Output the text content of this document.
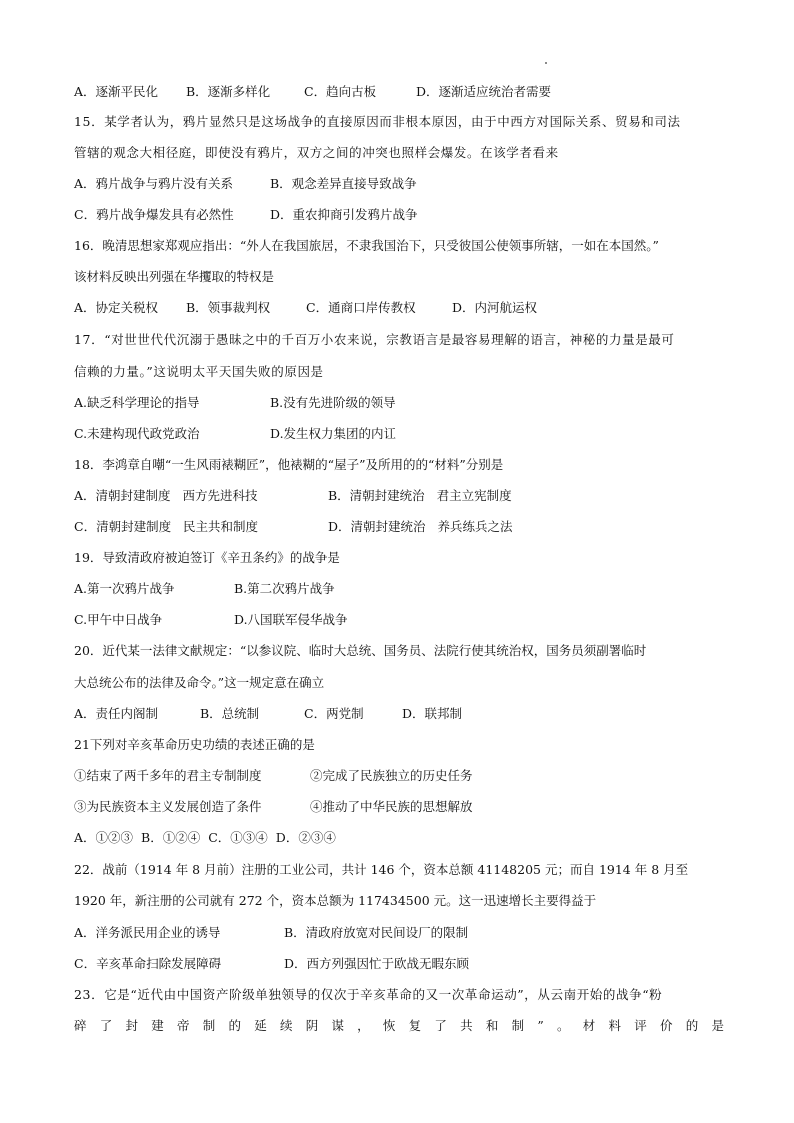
A．逐渐平民化 B．逐渐多样化	C．趋向古板	D．逐渐适应统治者需要
15．某学者认为，鸦片显然只是这场战争的直接原因而非根本原因，由于中西方对国际关系、贸易和司法
管辖的观念大相径庭，即使没有鸦片，双方之间的冲突也照样会爆发。在该学者看来
A．鸦片战争与鸦片没有关系	B．观念差异直接导致战争
C．鸦片战争爆发具有必然性	D．重农抑商引发鸦片战争
16．晚清思想家郑观应指出：“外人在我国旅居，不隶我国治下，只受彼国公使领事所辖，一如在本国然。”
该材料反映出列强在华攫取的特权是
A．协定关税权 B．领事裁判权	C．通商口岸传教权	D．内河航运权
17．“对世世代代沉溺于愚昧之中的千百万小农来说，宗教语言是最容易理解的语言，神秘的力量是最可
信赖的力量。”这说明太平天国失败的原因是
A.缺乏科学理论的指导	B.没有先进阶级的领导
C.未建构现代政党政治	D.发生权力集团的内讧
18．李鸿章自嘲“一生风雨裱糊匠”，他裱糊的“屋子”及所用的的“材料”分别是
A．清朝封建制度 西方先进科技	B．清朝封建统治 君主立宪制度
C．清朝封建制度 民主共和制度	D．清朝封建统治 养兵练兵之法
19．导致清政府被迫签订《辛丑条约》的战争是
A.第一次鸦片战争	B.第二次鸦片战争
C.甲午中日战争	D.八国联军侵华战争
20．近代某一法律文献规定：“以参议院、临时大总统、国务员、法院行使其统治权，国务员须副署临时
大总统公布的法律及命令。”这一规定意在确立
A．责任内阁制	B．总统制	C．两党制	D．联邦制
21下列对辛亥革命历史功绩的表述正确的是
①结束了两千多年的君主专制制度	②完成了民族独立的历史任务
③为民族资本主义发展创造了条件	④推动了中华民族的思想解放
A．①②③ B．①②④ C．①③④ D．②③④
22．战前（1914 年 8 月前）注册的工业公司，共计 146 个，资本总额 41148205 元；而自 1914 年 8 月至
1920 年，新注册的公司就有 272 个，资本总额为 117434500 元。这一迅速增长主要得益于
A．洋务派民用企业的诱导	B．清政府放宽对民间设厂的限制
C．辛亥革命扫除发展障碍	D．西方列强因忙于欧战无暇东顾
23．它是“近代由中国资产阶级单独领导的仅次于辛亥革命的又一次革命运动”，从云南开始的战争“粉
碎了封建帝制的延续阴谋，恢复了共和制”。材料评价的是
